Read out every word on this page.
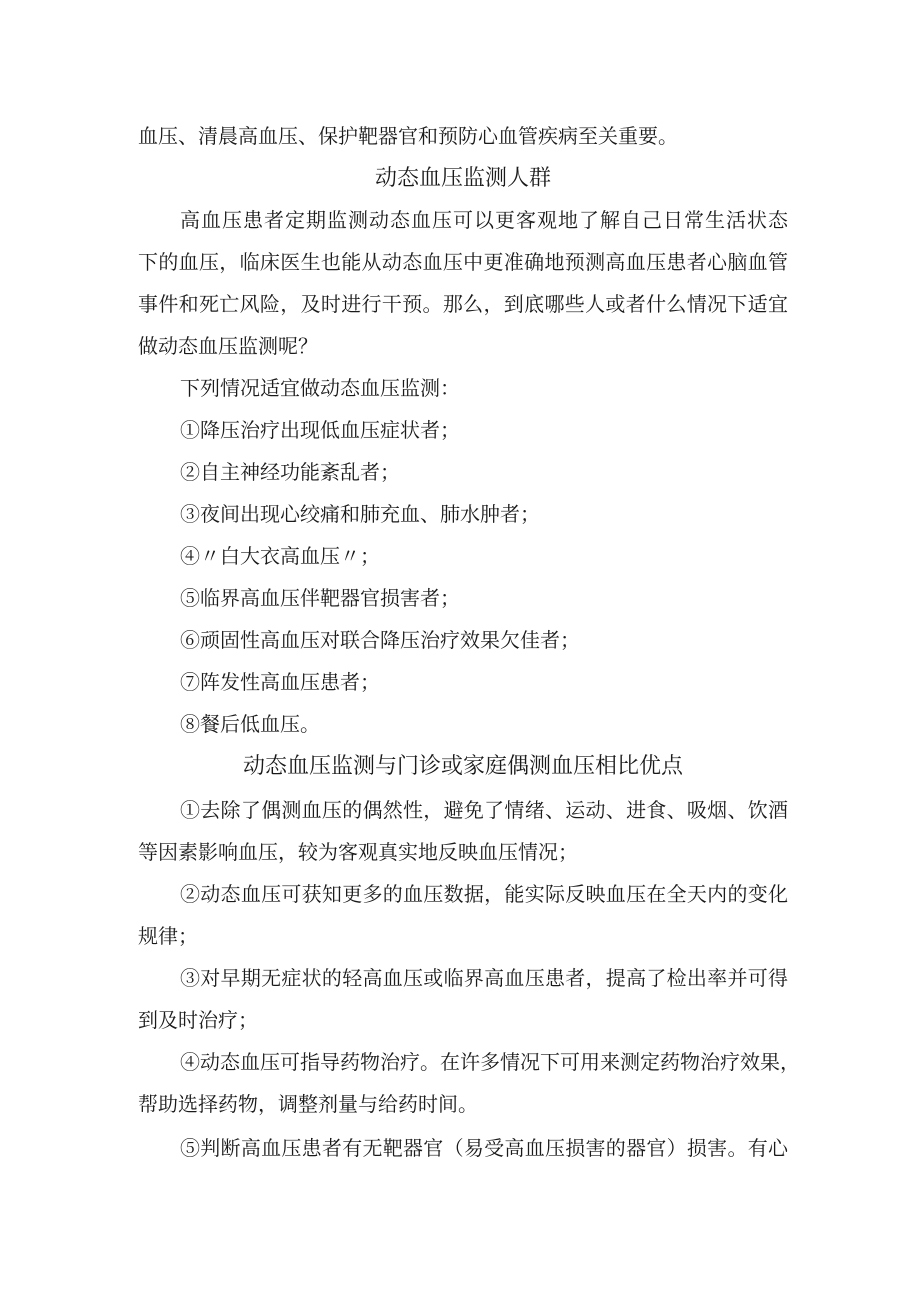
血压、清晨高血压、保护靶器官和预防心血管疾病至关重要。
动态血压监测人群
高血压患者定期监测动态血压可以更客观地了解自己日常生活状态
下的血压，临床医生也能从动态血压中更准确地预测高血压患者心脑血管
事件和死亡风险，及时进行干预。那么，到底哪些人或者什么情况下适宜
做动态血压监测呢？
下列情况适宜做动态血压监测：
①降压治疗出现低血压症状者；
②自主神经功能紊乱者；
③夜间出现心绞痛和肺充血、肺水肿者；
④〃白大衣高血压〃；
⑤临界高血压伴靶器官损害者；
⑥顽固性高血压对联合降压治疗效果欠佳者；
⑦阵发性高血压患者；
⑧餐后低血压。
动态血压监测与门诊或家庭偶测血压相比优点
①去除了偶测血压的偶然性，避免了情绪、运动、进食、吸烟、饮酒
等因素影响血压，较为客观真实地反映血压情况；
②动态血压可获知更多的血压数据，能实际反映血压在全天内的变化
规律；
③对早期无症状的轻高血压或临界高血压患者，提高了检出率并可得
到及时治疗；
④动态血压可指导药物治疗。在许多情况下可用来测定药物治疗效果，
帮助选择药物，调整剂量与给药时间。
⑤判断高血压患者有无靶器官（易受高血压损害的器官）损害。有心
